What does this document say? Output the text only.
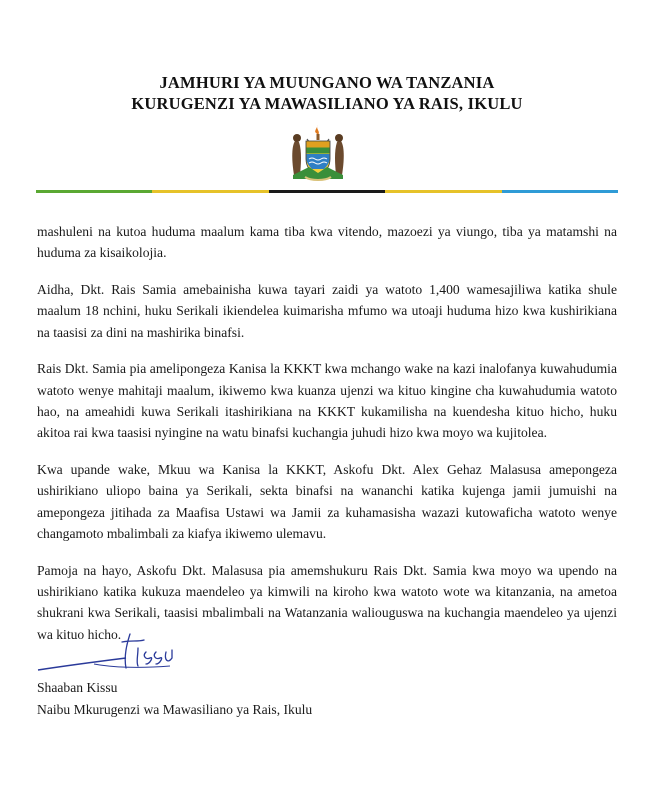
JAMHURI YA MUUNGANO WA TANZANIA
KURUGENZI YA MAWASILIANO YA RAIS, IKULU

mashuleni na kutoa huduma maalum kama tiba kwa vitendo, mazoezi ya viungo, tiba ya matamshi na huduma za kisaikolojia.

Aidha, Dkt. Rais Samia amebainisha kuwa tayari zaidi ya watoto 1,400 wamesajiliwa katika shule maalum 18 nchini, huku Serikali ikiendelea kuimarisha mfumo wa utoaji huduma hizo kwa kushirikiana na taasisi za dini na mashirika binafsi.

Rais Dkt. Samia pia amelipongeza Kanisa la KKKT kwa mchango wake na kazi inalofanya kuwahudumia watoto wenye mahitaji maalum, ikiwemo kwa kuanza ujenzi wa kituo kingine cha kuwahudumia watoto hao, na ameahidi kuwa Serikali itashirikiana na KKKT kukamilisha na kuendesha kituo hicho, huku akitoa rai kwa taasisi nyingine na watu binafsi kuchangia juhudi hizo kwa moyo wa kujitolea.

Kwa upande wake, Mkuu wa Kanisa la KKKT, Askofu Dkt. Alex Gehaz Malasusa amepongeza ushirikiano uliopo baina ya Serikali, sekta binafsi na wananchi katika kujenga jamii jumuishi na amepongeza jitihada za Maafisa Ustawi wa Jamii za kuhamasisha wazazi kutowaficha watoto wenye changamoto mbalimbali za kiafya ikiwemo ulemavu.

Pamoja na hayo, Askofu Dkt. Malasusa pia amemshukuru Rais Dkt. Samia kwa moyo wa upendo na ushirikiano katika kukuza maendeleo ya kimwili na kiroho kwa watoto wote wa kitanzania, na ametoa shukrani kwa Serikali, taasisi mbalimbali na Watanzania waliouguswa na kuchangia maendeleo ya ujenzi wa kituo hicho.

Shaaban Kissu
Naibu Mkurugenzi wa Mawasiliano ya Rais, Ikulu
